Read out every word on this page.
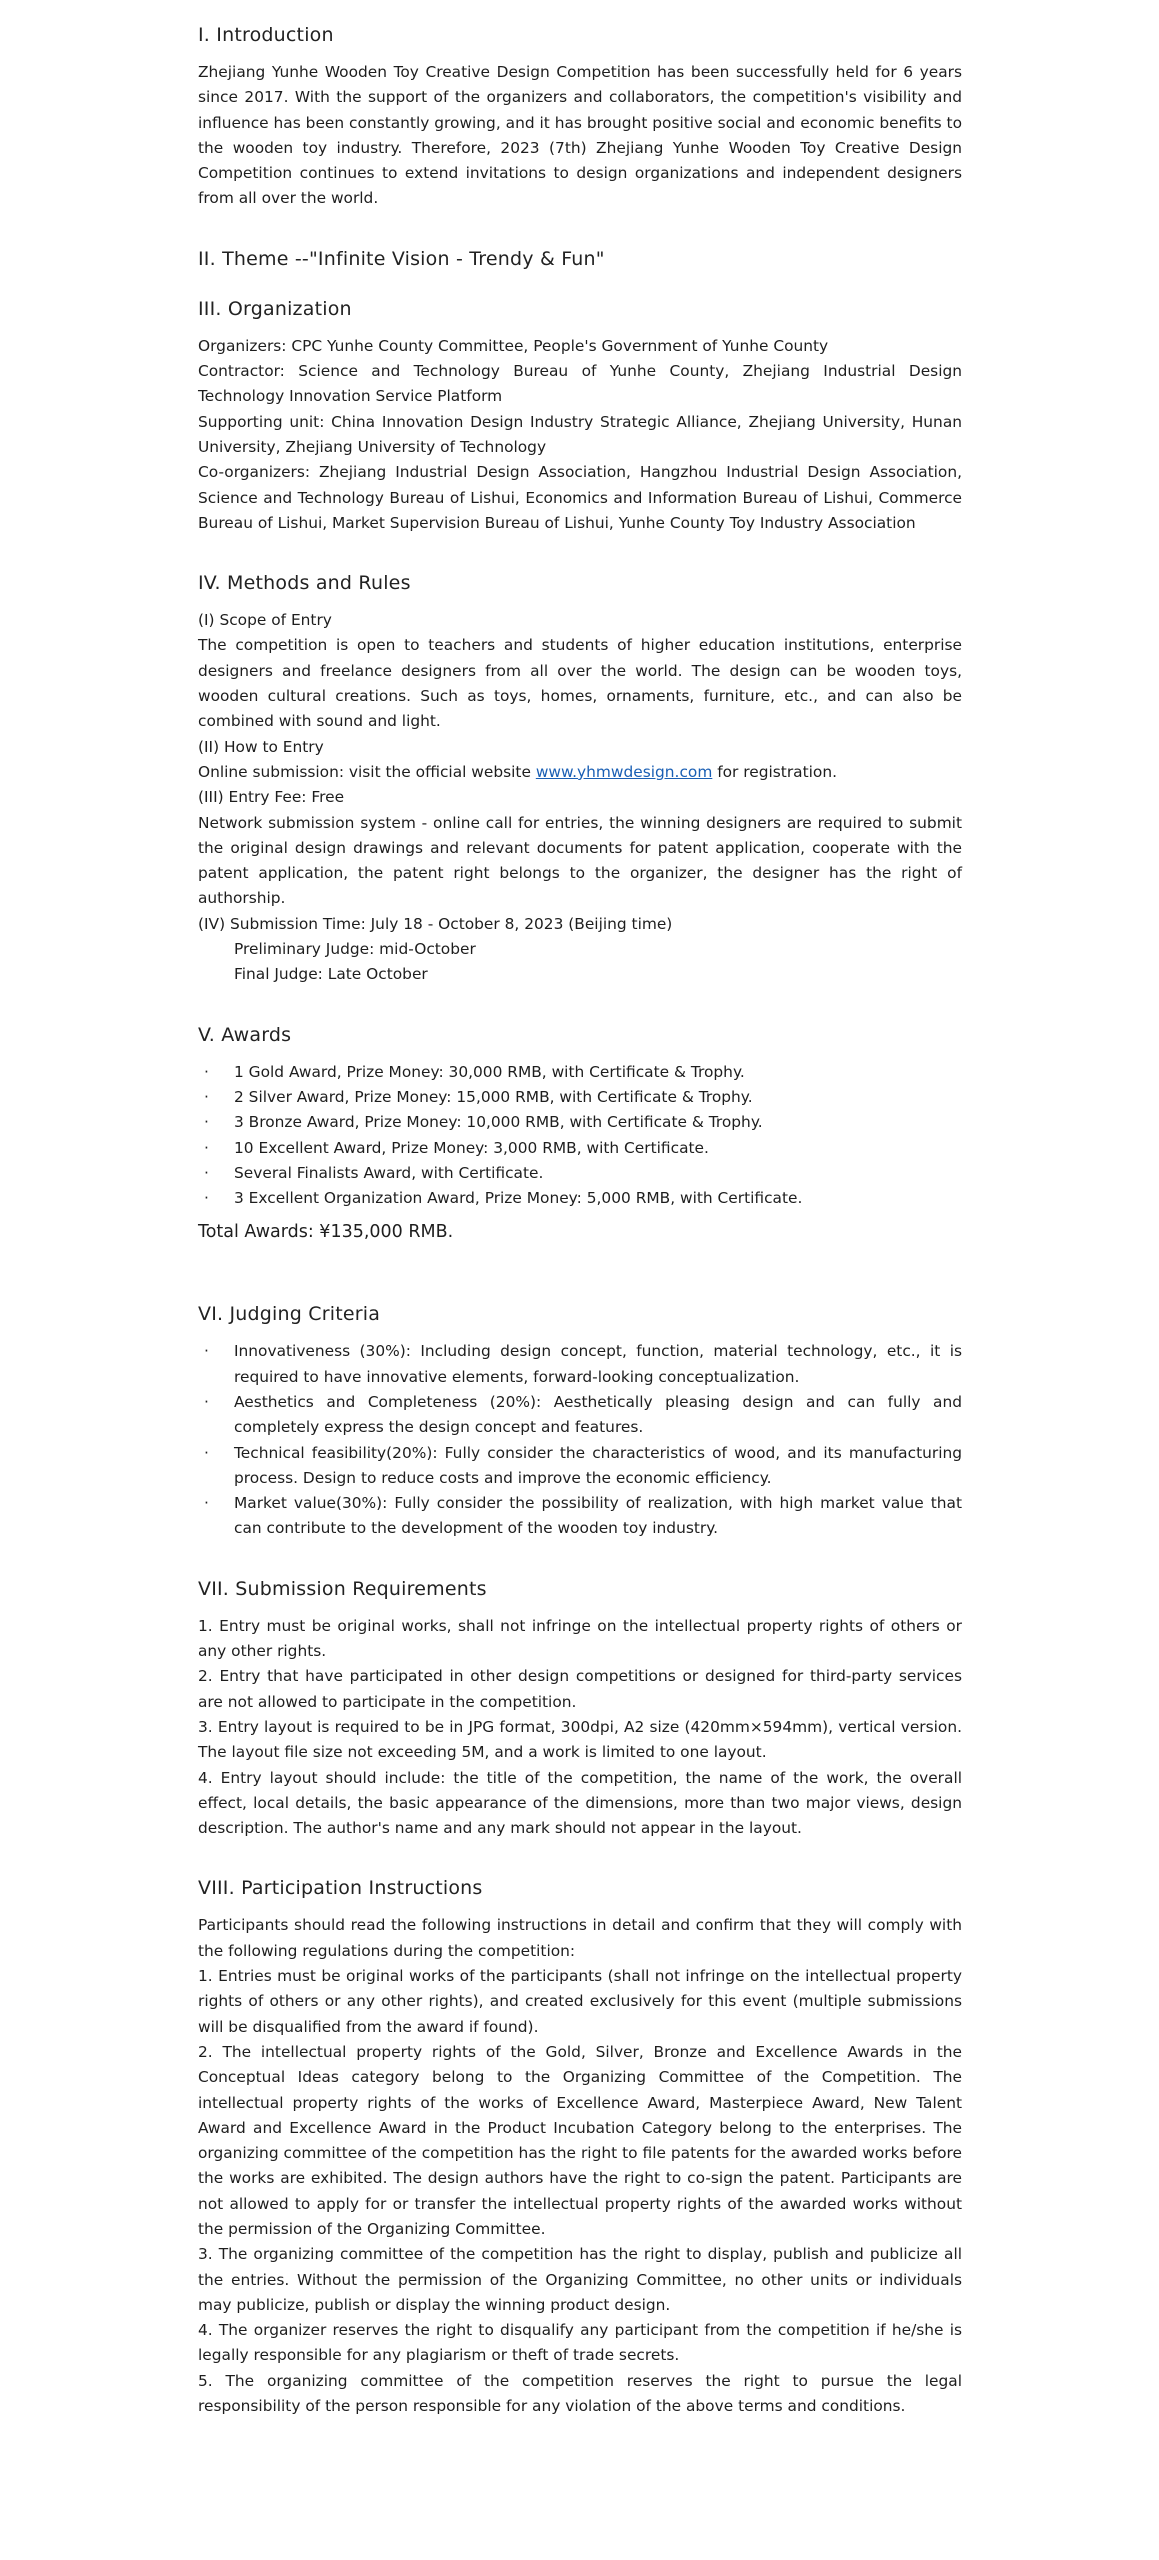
I. Introduction

Zhejiang Yunhe Wooden Toy Creative Design Competition has been successfully held for 6 years since 2017. With the support of the organizers and collaborators, the competition's visibility and influence has been constantly growing, and it has brought positive social and economic benefits to the wooden toy industry. Therefore, 2023 (7th) Zhejiang Yunhe Wooden Toy Creative Design Competition continues to extend invitations to design organizations and independent designers from all over the world.

II. Theme --"Infinite Vision - Trendy & Fun"
III. Organization

Organizers: CPC Yunhe County Committee, People's Government of Yunhe County

Contractor: Science and Technology Bureau of Yunhe County, Zhejiang Industrial Design Technology Innovation Service Platform

Supporting unit: China Innovation Design Industry Strategic Alliance, Zhejiang University, Hunan University, Zhejiang University of Technology

Co-organizers: Zhejiang Industrial Design Association, Hangzhou Industrial Design Association, Science and Technology Bureau of Lishui, Economics and Information Bureau of Lishui, Commerce Bureau of Lishui, Market Supervision Bureau of Lishui, Yunhe County Toy Industry Association

IV. Methods and Rules

(I) Scope of Entry

The competition is open to teachers and students of higher education institutions, enterprise designers and freelance designers from all over the world. The design can be wooden toys, wooden cultural creations. Such as toys, homes, ornaments, furniture, etc., and can also be combined with sound and light.

(II) How to Entry

Online submission: visit the official website www.yhmwdesign.com for registration.

(III) Entry Fee: Free

Network submission system - online call for entries, the winning designers are required to submit the original design drawings and relevant documents for patent application, cooperate with the patent application, the patent right belongs to the organizer, the designer has the right of authorship.

(IV) Submission Time: July 18 - October 8, 2023 (Beijing time)

Preliminary Judge: mid-October

Final Judge: Late October

V. Awards
· 1 Gold Award, Prize Money: 30,000 RMB, with Certificate & Trophy.
· 2 Silver Award, Prize Money: 15,000 RMB, with Certificate & Trophy.
· 3 Bronze Award, Prize Money: 10,000 RMB, with Certificate & Trophy.
· 10 Excellent Award, Prize Money: 3,000 RMB, with Certificate.
· Several Finalists Award, with Certificate.
· 3 Excellent Organization Award, Prize Money: 5,000 RMB, with Certificate.

Total Awards: ¥135,000 RMB.

VI. Judging Criteria
· Innovativeness (30%): Including design concept, function, material technology, etc., it is required to have innovative elements, forward-looking conceptualization.
· Aesthetics and Completeness (20%): Aesthetically pleasing design and can fully and completely express the design concept and features.
· Technical feasibility(20%): Fully consider the characteristics of wood, and its manufacturing process. Design to reduce costs and improve the economic efficiency.
· Market value(30%): Fully consider the possibility of realization, with high market value that can contribute to the development of the wooden toy industry.
VII. Submission Requirements

1. Entry must be original works, shall not infringe on the intellectual property rights of others or any other rights.

2. Entry that have participated in other design competitions or designed for third-party services are not allowed to participate in the competition.

3. Entry layout is required to be in JPG format, 300dpi, A2 size (420mm×594mm), vertical version. The layout file size not exceeding 5M, and a work is limited to one layout.

4. Entry layout should include: the title of the competition, the name of the work, the overall effect, local details, the basic appearance of the dimensions, more than two major views, design description. The author's name and any mark should not appear in the layout.

VIII. Participation Instructions

Participants should read the following instructions in detail and confirm that they will comply with the following regulations during the competition:

1. Entries must be original works of the participants (shall not infringe on the intellectual property rights of others or any other rights), and created exclusively for this event (multiple submissions will be disqualified from the award if found).

2. The intellectual property rights of the Gold, Silver, Bronze and Excellence Awards in the Conceptual Ideas category belong to the Organizing Committee of the Competition. The intellectual property rights of the works of Excellence Award, Masterpiece Award, New Talent Award and Excellence Award in the Product Incubation Category belong to the enterprises. The organizing committee of the competition has the right to file patents for the awarded works before the works are exhibited. The design authors have the right to co-sign the patent. Participants are not allowed to apply for or transfer the intellectual property rights of the awarded works without the permission of the Organizing Committee.

3. The organizing committee of the competition has the right to display, publish and publicize all the entries. Without the permission of the Organizing Committee, no other units or individuals may publicize, publish or display the winning product design.

4. The organizer reserves the right to disqualify any participant from the competition if he/she is legally responsible for any plagiarism or theft of trade secrets.

5. The organizing committee of the competition reserves the right to pursue the legal responsibility of the person responsible for any violation of the above terms and conditions.
